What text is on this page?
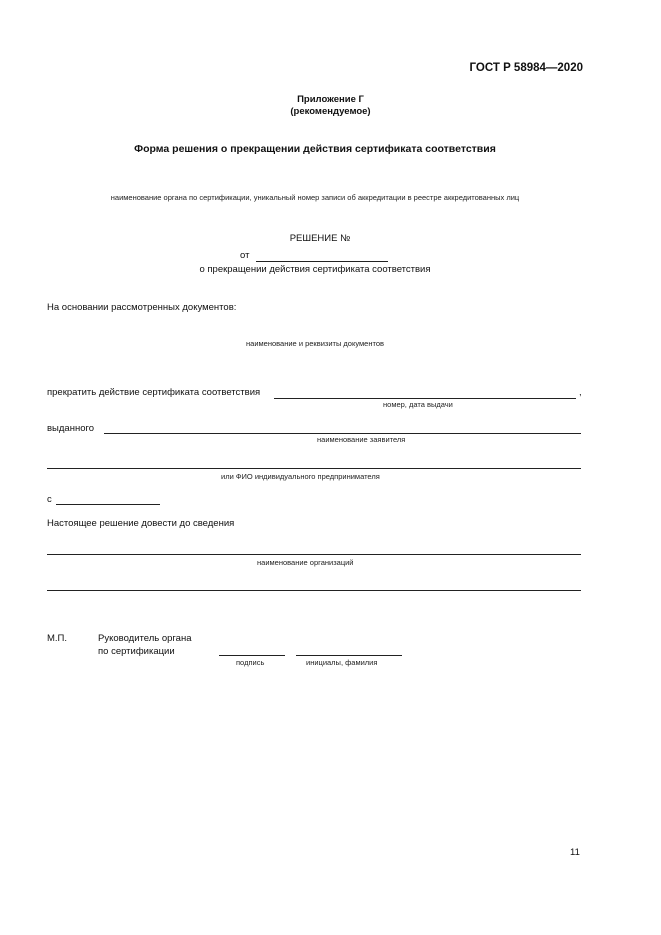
ГОСТ Р 58984—2020
Приложение Г
(рекомендуемое)
Форма решения о прекращении действия сертификата соответствия
наименование органа по сертификации, уникальный номер записи об аккредитации в реестре аккредитованных лиц
РЕШЕНИЕ №
от
о прекращении действия сертификата соответствия
На основании рассмотренных документов:
наименование и реквизиты документов
прекратить действие сертификата соответствия	,
номер, дата выдачи
выданного
наименование заявителя
или ФИО индивидуального предпринимателя
с
Настоящее решение довести до сведения
наименование организаций
М.П.	Руководитель органа
по сертификации
подпись	инициалы, фамилия
11
